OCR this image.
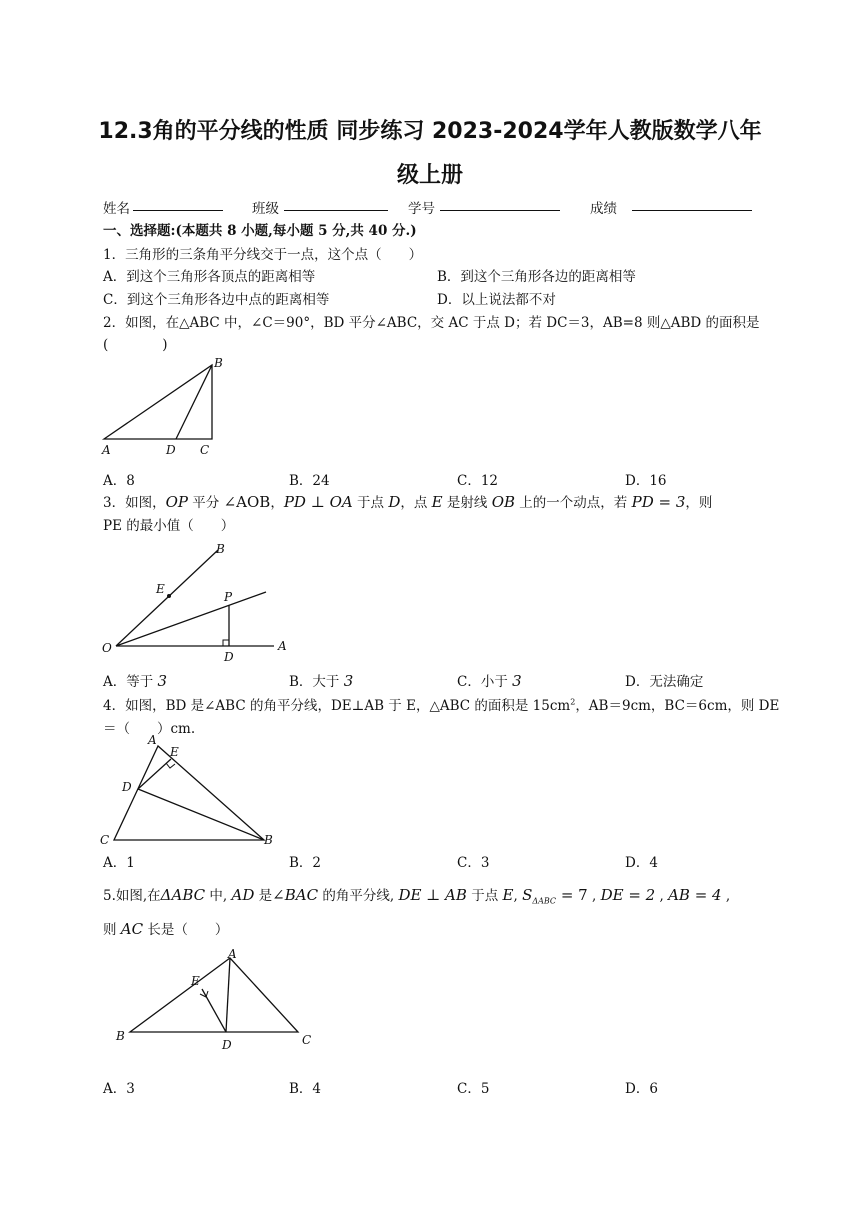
12.3角的平分线的性质 同步练习 2023-2024学年人教版数学八年
级上册
姓名	班级	学号	成绩
一、选择题:(本题共 8 小题,每小题 5 分,共 40 分.)
1．三角形的三条角平分线交于一点，这个点（　　）
A．到这个三角形各顶点的距离相等	B．到这个三角形各边的距离相等
C．到这个三角形各边中点的距离相等	D．以上说法都不对
2．如图，在△ABC 中，∠C＝90°，BD 平分∠ABC，交 AC 于点 D；若 DC＝3，AB=8 则△ABD 的面积是
(　　　　)
B
A	D C
A．8	B．24	C．12	D．16
3．如图，OP 平分 ∠AOB，PD ⊥ OA 于点 D，点 E 是射线 OB 上的一个动点，若 PD = 3，则
PE 的最小值（　　）
B
E
P
O
D
A
A．等于 3	B．大于 3	C．小于 3	D．无法确定
4．如图，BD 是∠ABC 的角平分线，DE⊥AB 于 E，△ABC 的面积是 $15cm^2$，AB＝9cm，BC＝6cm，则 DE
＝（　　）cm.
A
E
D
C	B
A．1	B．2	C．3	D．4
5.如图,在ΔABC 中, AD 是∠BAC 的角平分线, DE ⊥ AB 于点 E, $S_{\Delta ABC} = 7$ , DE = 2 , AB = 4 ,
则 AC 长是（　　）
A
E
B
D	C
A．3	B．4	C．5	D．6
